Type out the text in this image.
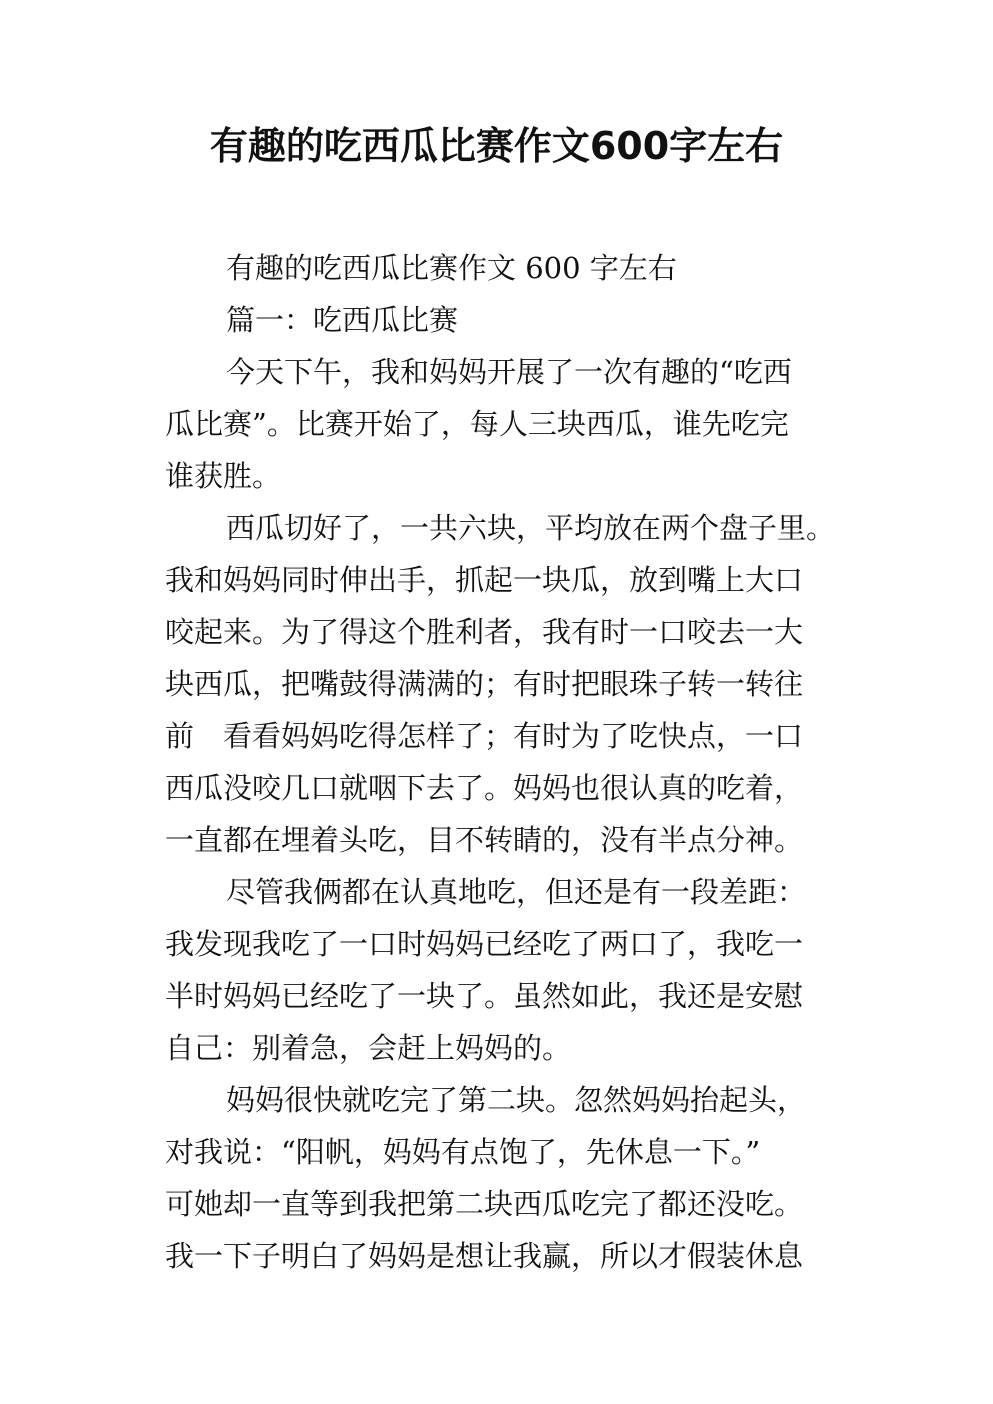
有趣的吃西瓜比赛作文600字左右
有趣的吃西瓜比赛作文 600 字左右
篇一：吃西瓜比赛
今天下午，我和妈妈开展了一次有趣的“吃西
瓜比赛”。比赛开始了，每人三块西瓜，谁先吃完
谁获胜。
西瓜切好了，一共六块，平均放在两个盘子里。
我和妈妈同时伸出手，抓起一块瓜，放到嘴上大口
咬起来。为了得这个胜利者，我有时一口咬去一大
块西瓜，把嘴鼓得满满的；有时把眼珠子转一转往
前　看看妈妈吃得怎样了；有时为了吃快点，一口
西瓜没咬几口就咽下去了。妈妈也很认真的吃着，
一直都在埋着头吃，目不转睛的，没有半点分神。
尽管我俩都在认真地吃，但还是有一段差距：
我发现我吃了一口时妈妈已经吃了两口了，我吃一
半时妈妈已经吃了一块了。虽然如此，我还是安慰
自己：别着急，会赶上妈妈的。
妈妈很快就吃完了第二块。忽然妈妈抬起头，
对我说：“阳帆，妈妈有点饱了，先休息一下。”
可她却一直等到我把第二块西瓜吃完了都还没吃。
我一下子明白了妈妈是想让我赢，所以才假装休息
